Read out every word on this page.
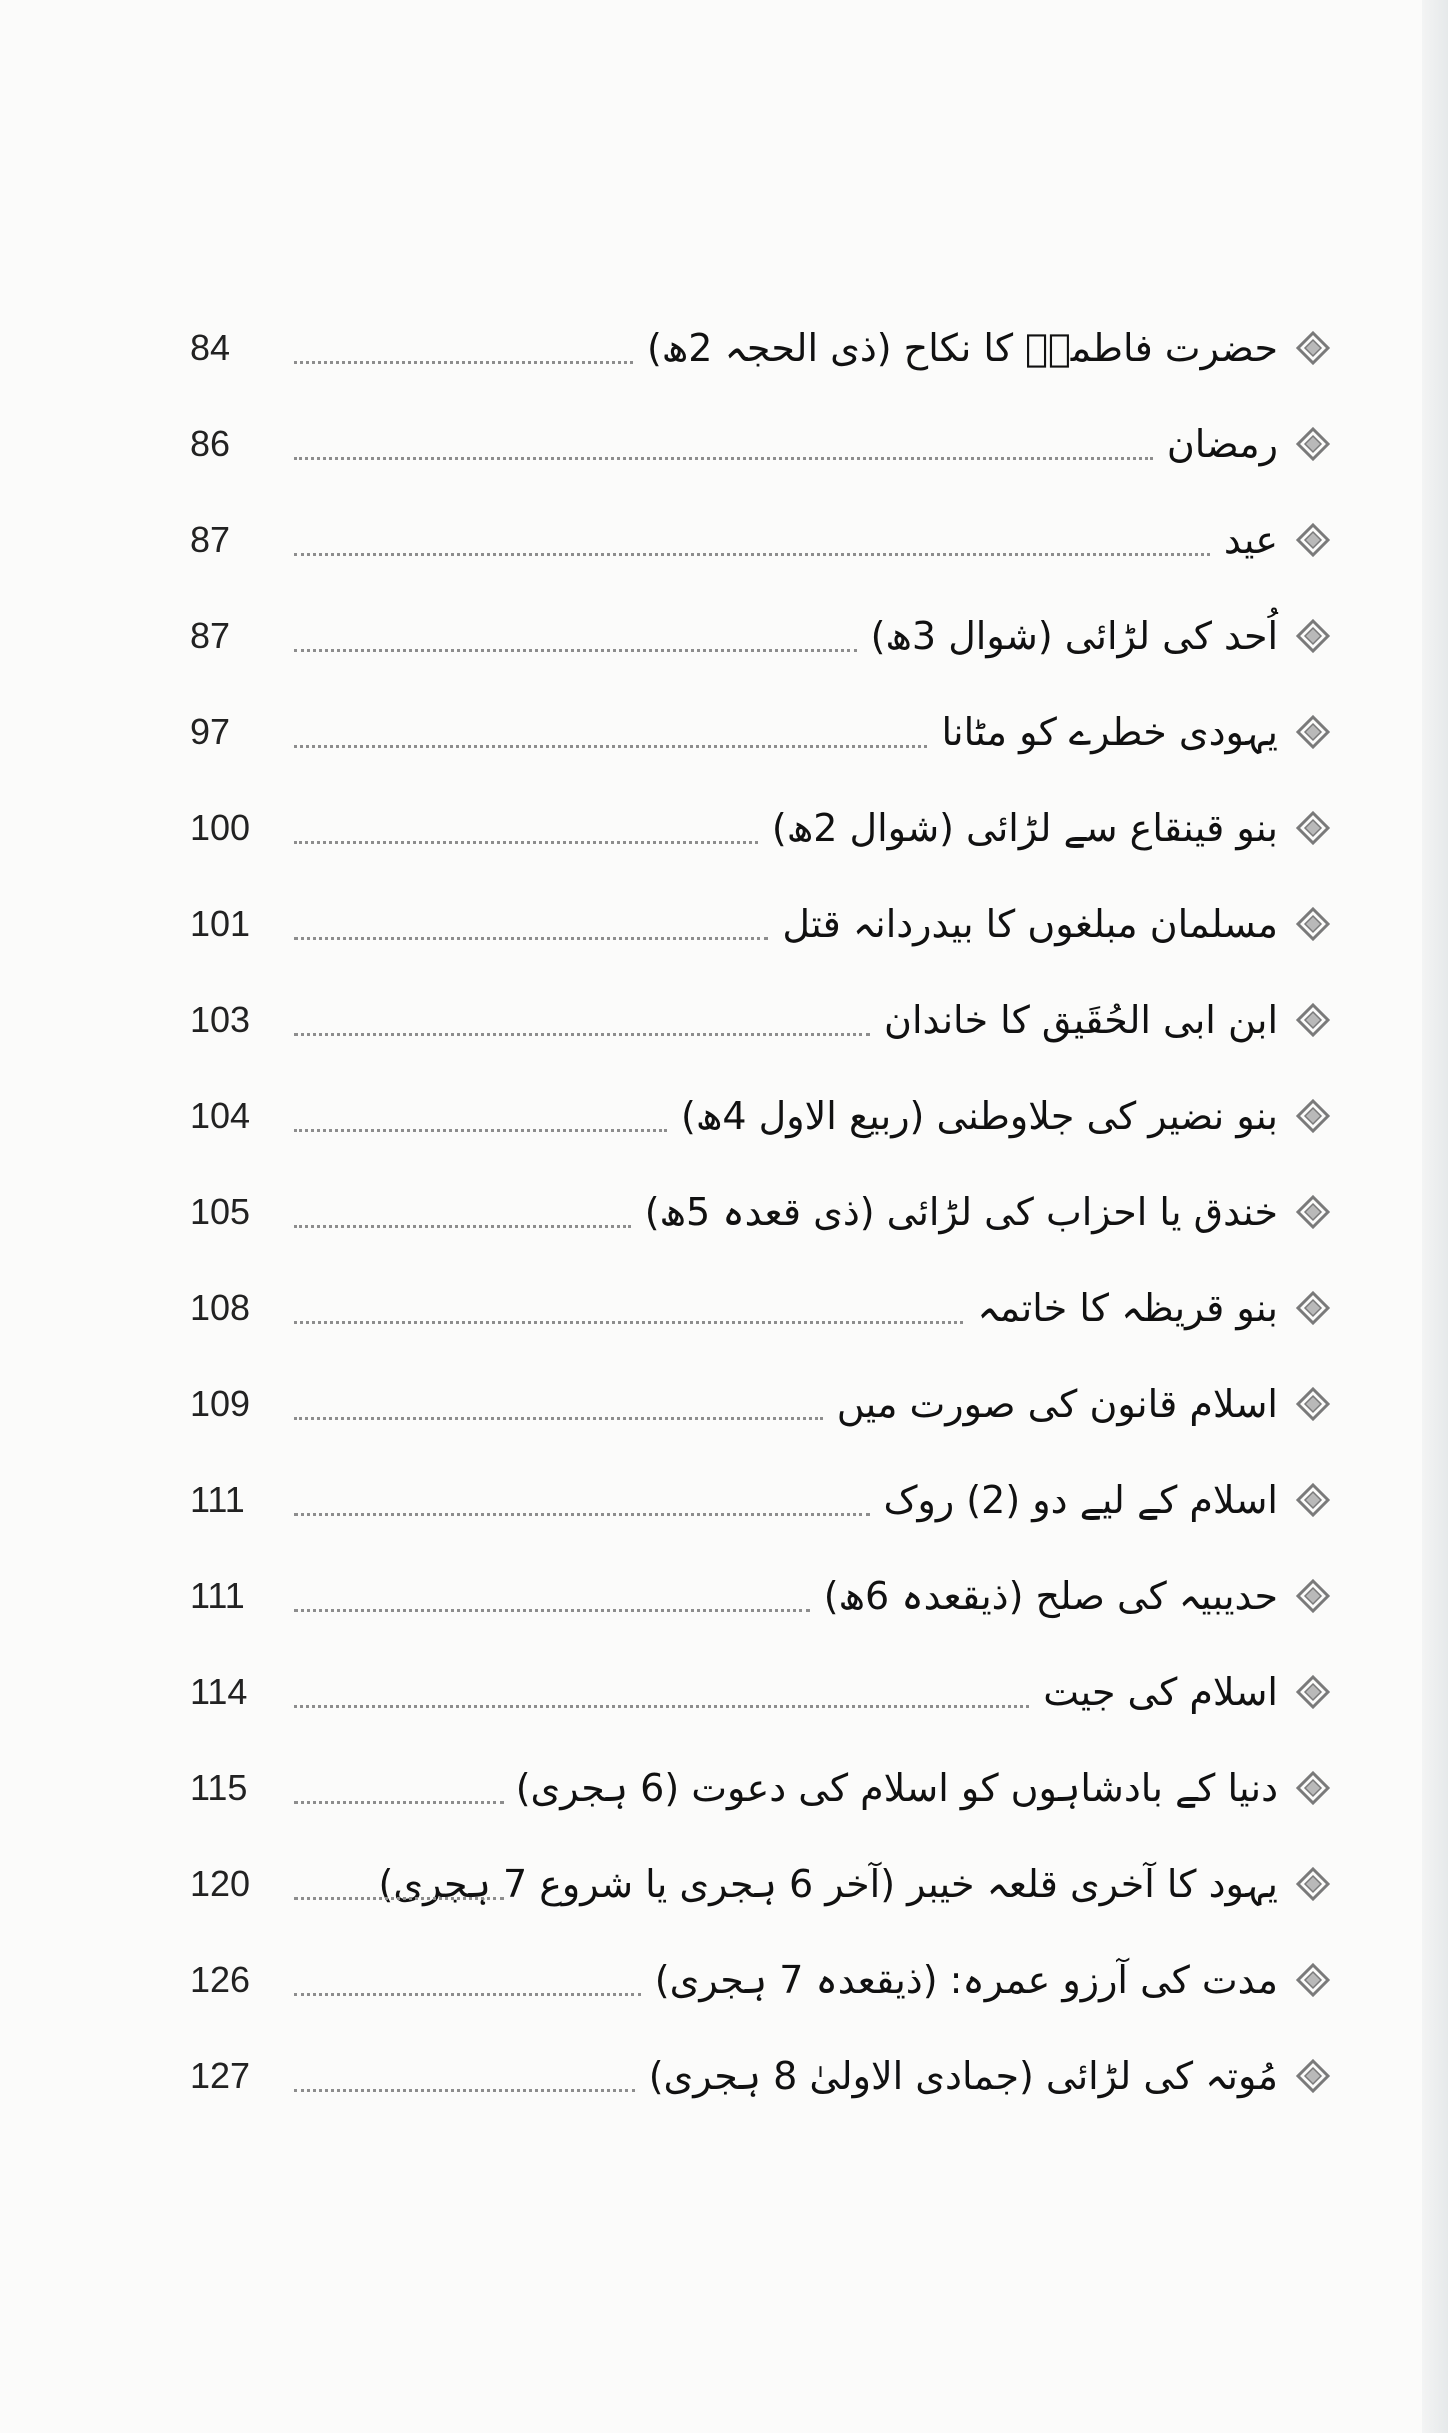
84	حضرت فاطمہؓ کا نکاح (ذی الحجہ 2ھ)
86	رمضان
87	عید
87	اُحد کی لڑائی (شوال 3ھ)
97	یہودی خطرے کو مٹانا
100	بنو قینقاع سے لڑائی (شوال 2ھ)
101	مسلمان مبلغوں کا بیدردانہ قتل
103	ابن ابی الحُقَیق کا خاندان
104	بنو نضیر کی جلاوطنی (ربیع الاول 4ھ)
105	خندق یا احزاب کی لڑائی (ذی قعدہ 5ھ)
108	بنو قریظہ کا خاتمہ
109	اسلام قانون کی صورت میں
111	اسلام کے لیے دو (2) روک
111	حدیبیہ کی صلح (ذیقعدہ 6ھ)
114	اسلام کی جیت
115	دنیا کے بادشاہوں کو اسلام کی دعوت (6 ہجری)
120	یہود کا آخری قلعہ خیبر (آخر 6 ہجری یا شروع 7 ہجری)
126	مدت کی آرزو عمرہ: (ذیقعدہ 7 ہجری)
127	مُوتہ کی لڑائی (جمادی الاولیٰ 8 ہجری)
